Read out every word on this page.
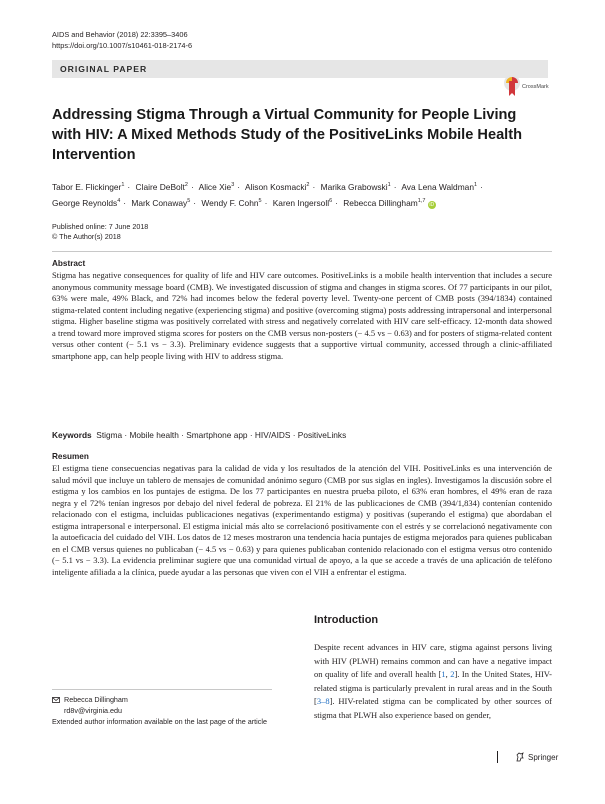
AIDS and Behavior (2018) 22:3395–3406
https://doi.org/10.1007/s10461-018-2174-6
ORIGINAL PAPER
CrossMark
Addressing Stigma Through a Virtual Community for People Living with HIV: A Mixed Methods Study of the PositiveLinks Mobile Health Intervention
Tabor E. Flickinger$^1$ · Claire DeBolt$^2$ · Alice Xie$^3$ · Alison Kosmacki$^2$ · Marika Grabowski$^1$ · Ava Lena Waldman$^1$ ·
George Reynolds$^4$ · Mark Conaway$^5$ · Wendy F. Cohn$^5$ · Karen Ingersoll$^6$ · Rebecca Dillingham$^{1,7}$ iD
Published online: 7 June 2018
© The Author(s) 2018
Abstract

Stigma has negative consequences for quality of life and HIV care outcomes. PositiveLinks is a mobile health intervention that includes a secure anonymous community message board (CMB). We investigated discussion of stigma and changes in stigma scores. Of 77 participants in our pilot, 63% were male, 49% Black, and 72% had incomes below the federal poverty level. Twenty-one percent of CMB posts (394/1834) contained stigma-related content including negative (experiencing stigma) and positive (overcoming stigma) posts addressing intrapersonal and interpersonal stigma. Higher baseline stigma was positively correlated with stress and negatively correlated with HIV care self-efficacy. 12-month data showed a trend toward more improved stigma scores for posters on the CMB versus non-posters (− 4.5 vs − 0.63) and for posters of stigma-related content versus other content (− 5.1 vs − 3.3). Preliminary evidence suggests that a supportive virtual community, accessed through a clinic-affiliated smartphone app, can help people living with HIV to address stigma.

Keywords Stigma · Mobile health · Smartphone app · HIV/AIDS · PositiveLinks
Resumen

El estigma tiene consecuencias negativas para la calidad de vida y los resultados de la atención del VIH. PositiveLinks es una intervención de salud móvil que incluye un tablero de mensajes de comunidad anónimo seguro (CMB por sus siglas en ingles). Investigamos la discusión sobre el estigma y los cambios en los puntajes de estigma. De los 77 participantes en nuestra prueba piloto, el 63% eran hombres, el 49% eran de raza negra y el 72% tenían ingresos por debajo del nivel federal de pobreza. El 21% de las publicaciones de CMB (394/1,834) contenían contenido relacionado con el estigma, incluidas publicaciones negativas (experimentando estigma) y positivas (superando el estigma) que abordaban el estigma intrapersonal e interpersonal. El estigma inicial más alto se correlacionó positivamente con el estrés y se correlacionó negativamente con la autoeficacia del cuidado del VIH. Los datos de 12 meses mostraron una tendencia hacia puntajes de estigma mejorados para quienes publicaban en el CMB versus quienes no publicaban (− 4.5 vs − 0.63) y para quienes publicaban contenido relacionado con el estigma versus otro contenido (− 5.1 vs − 3.3). La evidencia preliminar sugiere que una comunidad virtual de apoyo, a la que se accede a través de una aplicación de teléfono inteligente afiliada a la clínica, puede ayudar a las personas que viven con el VIH a enfrentar el estigma.

Introduction

Despite recent advances in HIV care, stigma against persons living with HIV (PLWH) remains common and can have a negative impact on quality of life and overall health [1, 2]. In the United States, HIV-related stigma is particularly prevalent in rural areas and in the South [3–8]. HIV-related stigma can be complicated by other sources of stigma that PLWH also experience based on gender,

Rebecca Dillingham
rd8v@virginia.edu
Extended author information available on the last page of the article
Springer
